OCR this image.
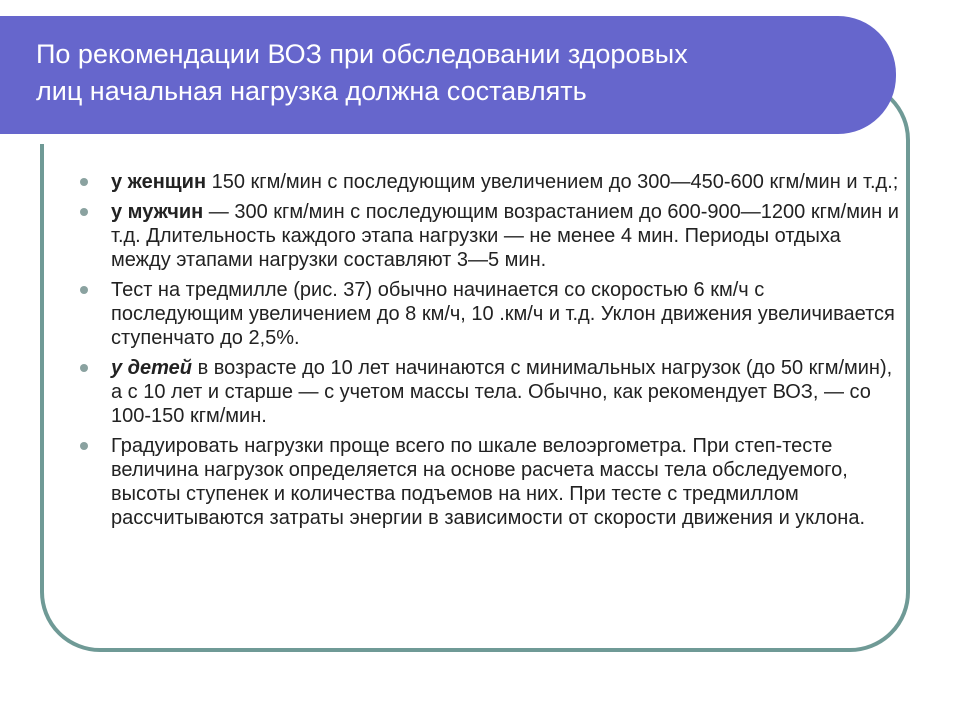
По рекомендации ВОЗ при обследовании здоровых
лиц начальная нагрузка должна составлять
у женщин 150 кгм/мин с последующим увеличением до 300—450-600 кгм/мин и т.д.;
у мужчин — 300 кгм/мин с последующим возрастанием до 600-900—1200 кгм/мин и т.д. Длительность каждого этапа нагрузки — не менее 4 мин. Периоды отдыха между этапами нагрузки составляют 3—5 мин.
Тест на тредмилле (рис. 37) обычно начинается со скоростью 6 км/ч с последующим увеличением до 8 км/ч, 10 .км/ч и т.д. Уклон движения увеличивается ступенчато до 2,5%.
у детей в возрасте до 10 лет начинаются с минимальных нагрузок (до 50 кгм/мин), а с 10 лет и старше — с учетом массы тела. Обычно, как рекомендует ВОЗ, — со 100-150 кгм/мин.
Градуировать нагрузки проще всего по шкале велоэргометра. При степ-тесте величина нагрузок определяется на основе расчета массы тела обследуемого, высоты ступенек и количества подъемов на них. При тесте с тредмиллом рассчитываются затраты энергии в зависимости от скорости движения и уклона.
